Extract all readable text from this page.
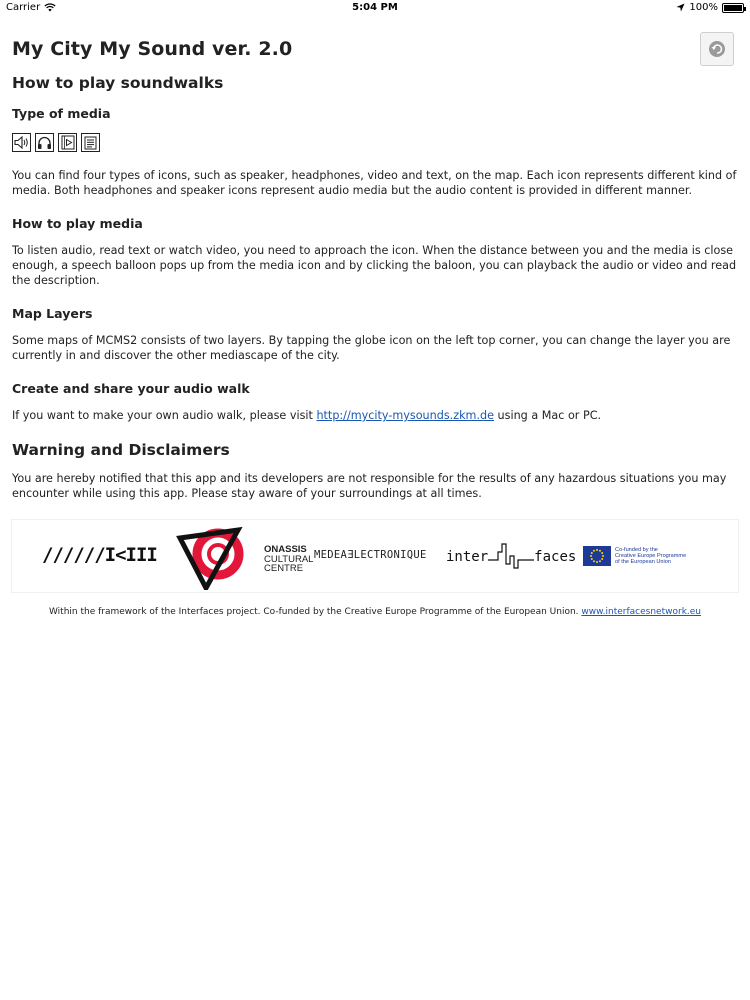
Carrier	5:04 PM	100%
My City My Sound ver. 2.0
How to play soundwalks
Type of media

You can find four types of icons, such as speaker, headphones, video and text, on the map. Each icon represents different kind of media. Both headphones and speaker icons represent audio media but the audio content is provided in different manner.

How to play media

To listen audio, read text or watch video, you need to approach the icon. When the distance between you and the media is close enough, a speech balloon pops up from the media icon and by clicking the baloon, you can playback the audio or video and read the description.

Map Layers

Some maps of MCMS2 consists of two layers. By tapping the globe icon on the left top corner, you can change the layer you are currently in and discover the other mediascape of the city.

Create and share your audio walk

If you want to make your own audio walk, please visit http://mycity-mysounds.zkm.de using a Mac or PC.

Warning and Disclaimers

You are hereby notified that this app and its developers are not responsible for the results of any hazardous situations you may encounter while using this app. Please stay aware of your surroundings at all times.

//////I<III	ONASSIS
CULTURAL
CENTRE
MEDEAƎLECTRONIQUE inter	faces	Co-funded by the
Creative Europe Programme
of the European Union
Within the framework of the Interfaces project. Co-funded by the Creative Europe Programme of the European Union. www.interfacesnetwork.eu
